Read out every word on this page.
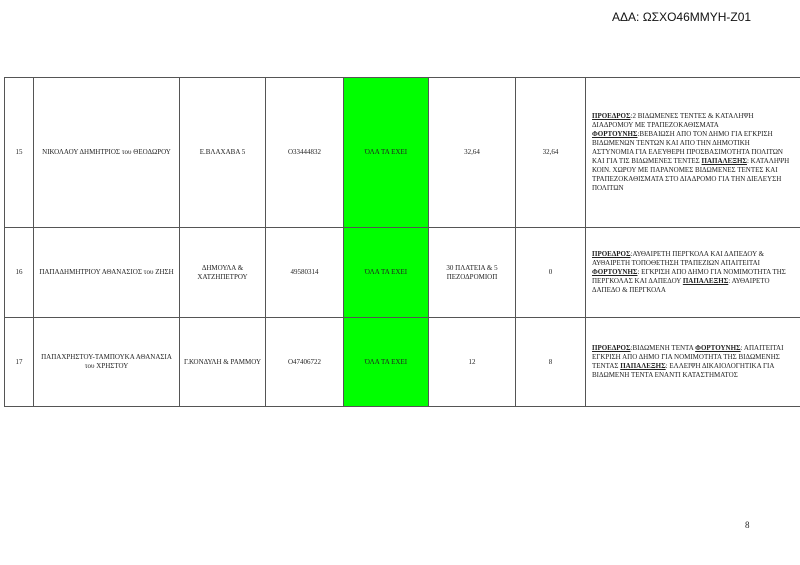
ΑΔΑ: ΩΣΧΟ46ΜΜΥΗ-Ζ01
15	ΝΙΚΟΛΑΟΥ ΔΗΜΗΤΡΙΟΣ του ΘΕΟΔΩΡΟΥ	Ε.ΒΛΑΧΑΒΑ 5	Ο33444832	ΌΛΑ ΤΑ ΕΧΕΙ	32,64	32,64	ΠΡΟΕΔΡΟΣ:2 ΒΙΔΩΜΕΝΕΣ ΤΕΝΤΕΣ & ΚΑΤΑΛΗΨΗ ΔΙΑΔΡΟΜΟΥ ΜΕ ΤΡΑΠΕΖΟΚΑΘΙΣΜΑΤΑ
ΦΟΡΤΟΥΝΗΣ:ΒΕΒΑΙΩΣΗ ΑΠΟ ΤΟΝ ΔΗΜΟ ΓΙΑ ΕΓΚΡΙΣΗ ΒΙΔΩΜΕΝΩΝ ΤΕΝΤΩΝ ΚΑΙ ΑΠΟ ΤΗΝ ΔΗΜΟΤΙΚΗ ΑΣΤΥΝΟΜΙΑ ΓΙΑ ΕΛΕΥΘΕΡΗ ΠΡΟΣΒΑΣΙΜΟΤΗΤΑ ΠΟΛΙΤΩΝ ΚΑΙ ΓΙΑ ΤΙΣ ΒΙΔΩΜΕΝΕΣ ΤΕΝΤΕΣ ΠΑΠΑΛΕΞΗΣ: ΚΑΤΑΛΗΨΗ ΚΟΙΝ. ΧΩΡΟΥ ΜΕ ΠΑΡΑΝΟΜΕΣ ΒΙΔΩΜΕΝΕΣ ΤΕΝΤΕΣ ΚΑΙ ΤΡΑΠΕΖΟΚΑΘΙΣΜΑΤΑ ΣΤΟ ΔΙΑΔΡΟΜΟ ΓΙΑ ΤΗΝ ΔΙΕΛΕΥΣΗ ΠΟΛΙΤΩΝ
16	ΠΑΠΑΔΗΜΗΤΡΙΟΥ ΑΘΑΝΑΣΙΟΣ του ΖΗΣΗ	ΔΗΜΟΥΛΑ & ΧΑΤΖΗΠΕΤΡΟΥ	49580314	ΌΛΑ ΤΑ ΕΧΕΙ	30 ΠΛΑΤΕΙΑ & 5 ΠΕΖΟΔΡΟΜΙΟΠ	0	ΠΡΟΕΔΡΟΣ:ΑΥΘΑΙΡΕΤΗ ΠΕΡΓΚΟΛΑ ΚΑΙ ΔΑΠΕΔΟΥ & ΑΥΘΑΙΡΕΤΗ ΤΟΠΟΘΕΤΗΣΗ ΤΡΑΠΕΖΙΩΝ ΑΠΑΙΤΕΙΤΑΙ
ΦΟΡΤΟΥΝΗΣ: ΕΓΚΡΙΣΗ ΑΠΟ ΔΗΜΟ ΓΙΑ ΝΟΜΙΜΟΤΗΤΑ ΤΗΣ ΠΕΡΓΚΟΛΑΣ ΚΑΙ ΔΑΠΕΔΟΥ ΠΑΠΑΛΕΞΗΣ: ΑΥΘΑΙΡΕΤΟ ΔΑΠΕΔΟ & ΠΕΡΓΚΟΛΑ
17	ΠΑΠΑΧΡΗΣΤΟΥ-ΤΑΜΠΟΥΚΑ ΑΘΑΝΑΣΙΑ του ΧΡΗΣΤΟΥ	Γ.ΚΟΝΔΥΛΗ & ΡΑΜΜΟΥ	Ο47406722	ΌΛΑ ΤΑ ΕΧΕΙ	12	8	ΠΡΟΕΔΡΟΣ:ΒΙΔΩΜΕΝΗ ΤΕΝΤΑ ΦΟΡΤΟΥΝΗΣ: ΑΠΑΙΤΕΙΤΑΙ ΕΓΚΡΙΣΗ ΑΠΟ ΔΗΜΟ ΓΙΑ ΝΟΜΙΜΟΤΗΤΑ ΤΗΣ ΒΙΔΩΜΕΝΗΣ ΤΕΝΤΑΣ ΠΑΠΑΛΕΞΗΣ: ΕΛΛΕΙΨΗ ΔΙΚΑΙΟΛΟΓΗΤΙΚΑ ΓΙΑ ΒΙΔΩΜΕΝΗ ΤΕΝΤΑ ΕΝΑΝΤΙ ΚΑΤΑΣΤΗΜΑΤΟΣ
8
